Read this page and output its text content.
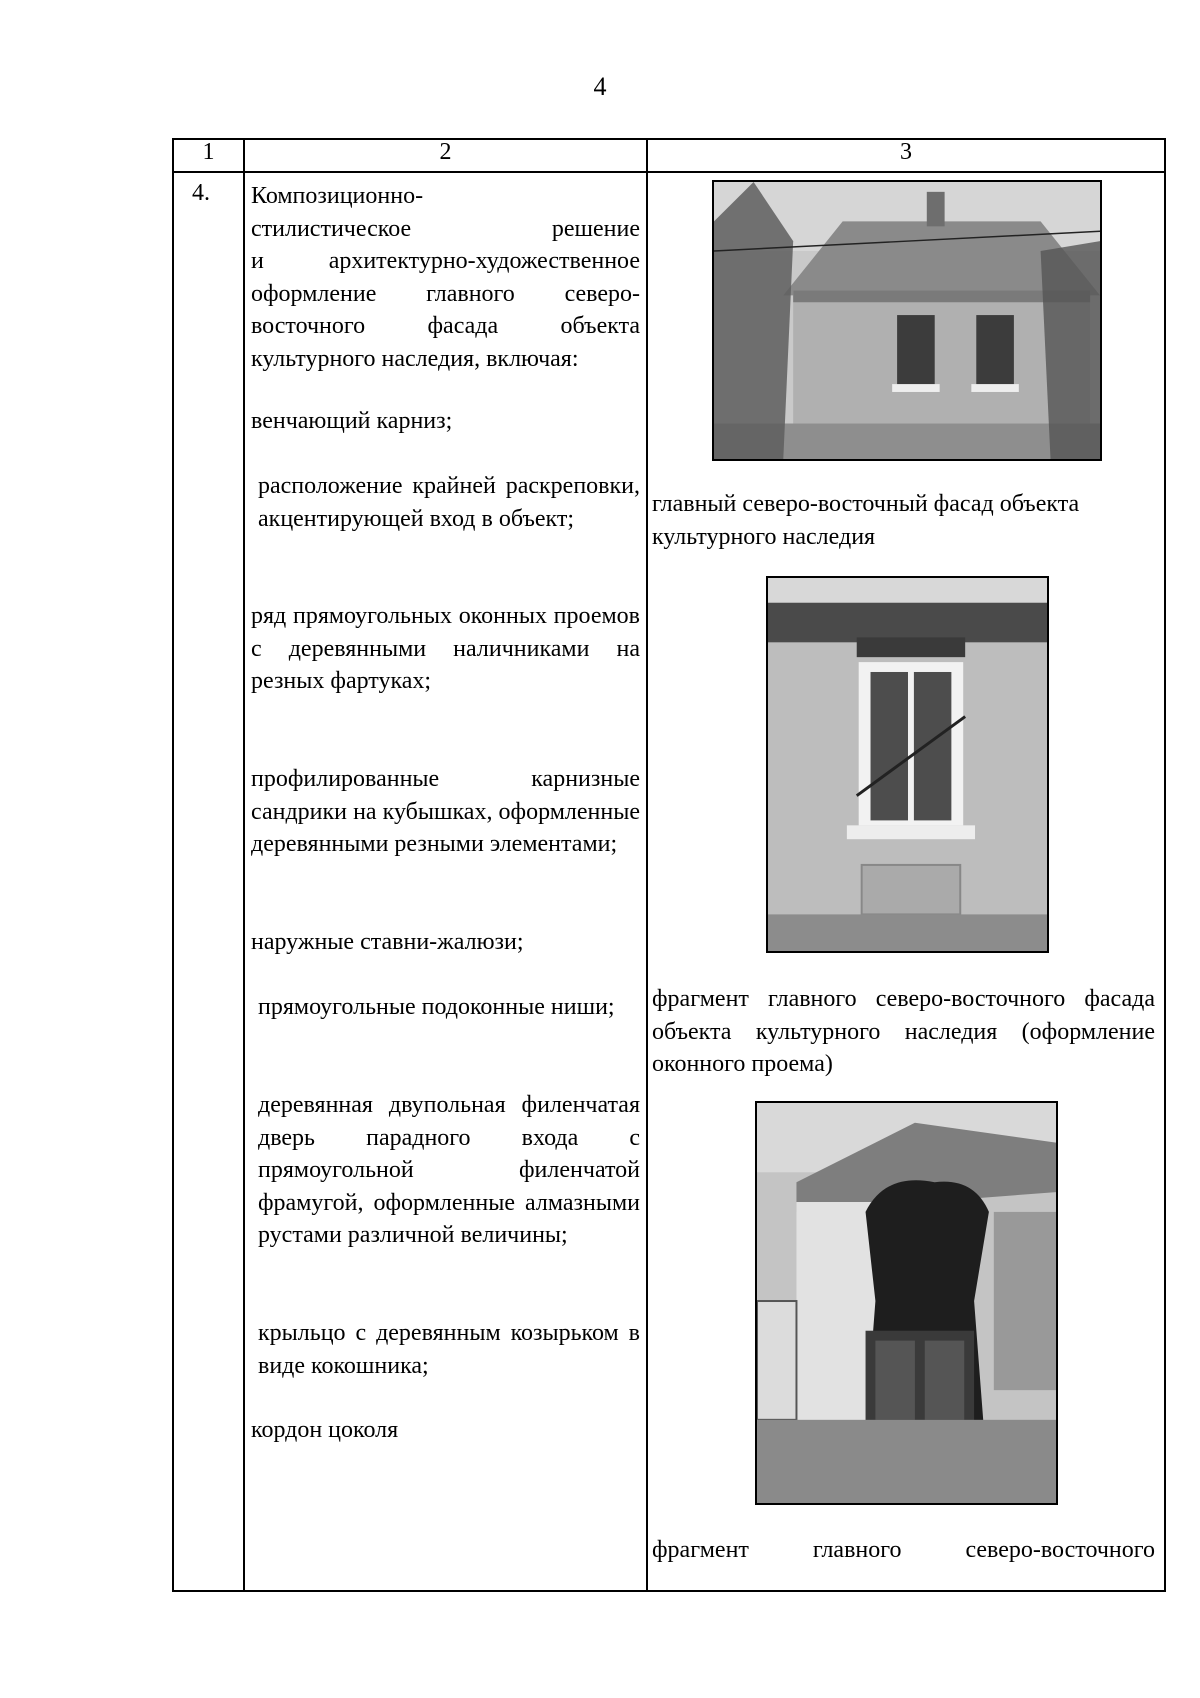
4
1	2	3
4. Композиционно-
стилистическое решение
и архитектурно-художественное
оформление главного северо-
восточного фасада объекта
культурного наследия, включая:
венчающий карниз;
расположение крайней раскреповки, акцентирующей вход в объект;
ряд прямоугольных оконных проемов с деревянными наличниками на резных фартуках;
профилированные карнизные сандрики на кубышках, оформленные деревянными резными элементами;
наружные ставни-жалюзи;
прямоугольные подоконные ниши;
деревянная двупольная филенчатая дверь парадного входа с прямоугольной филенчатой фрамугой, оформленные алмазными рустами различной величины;
крыльцо с деревянным козырьком в виде кокошника;
кордон цоколя
главный северо-восточный фасад объекта культурного наследия
фрагмент главного северо-восточного фасада объекта культурного наследия (оформление оконного проема)
фрагмент главного северо-восточного
